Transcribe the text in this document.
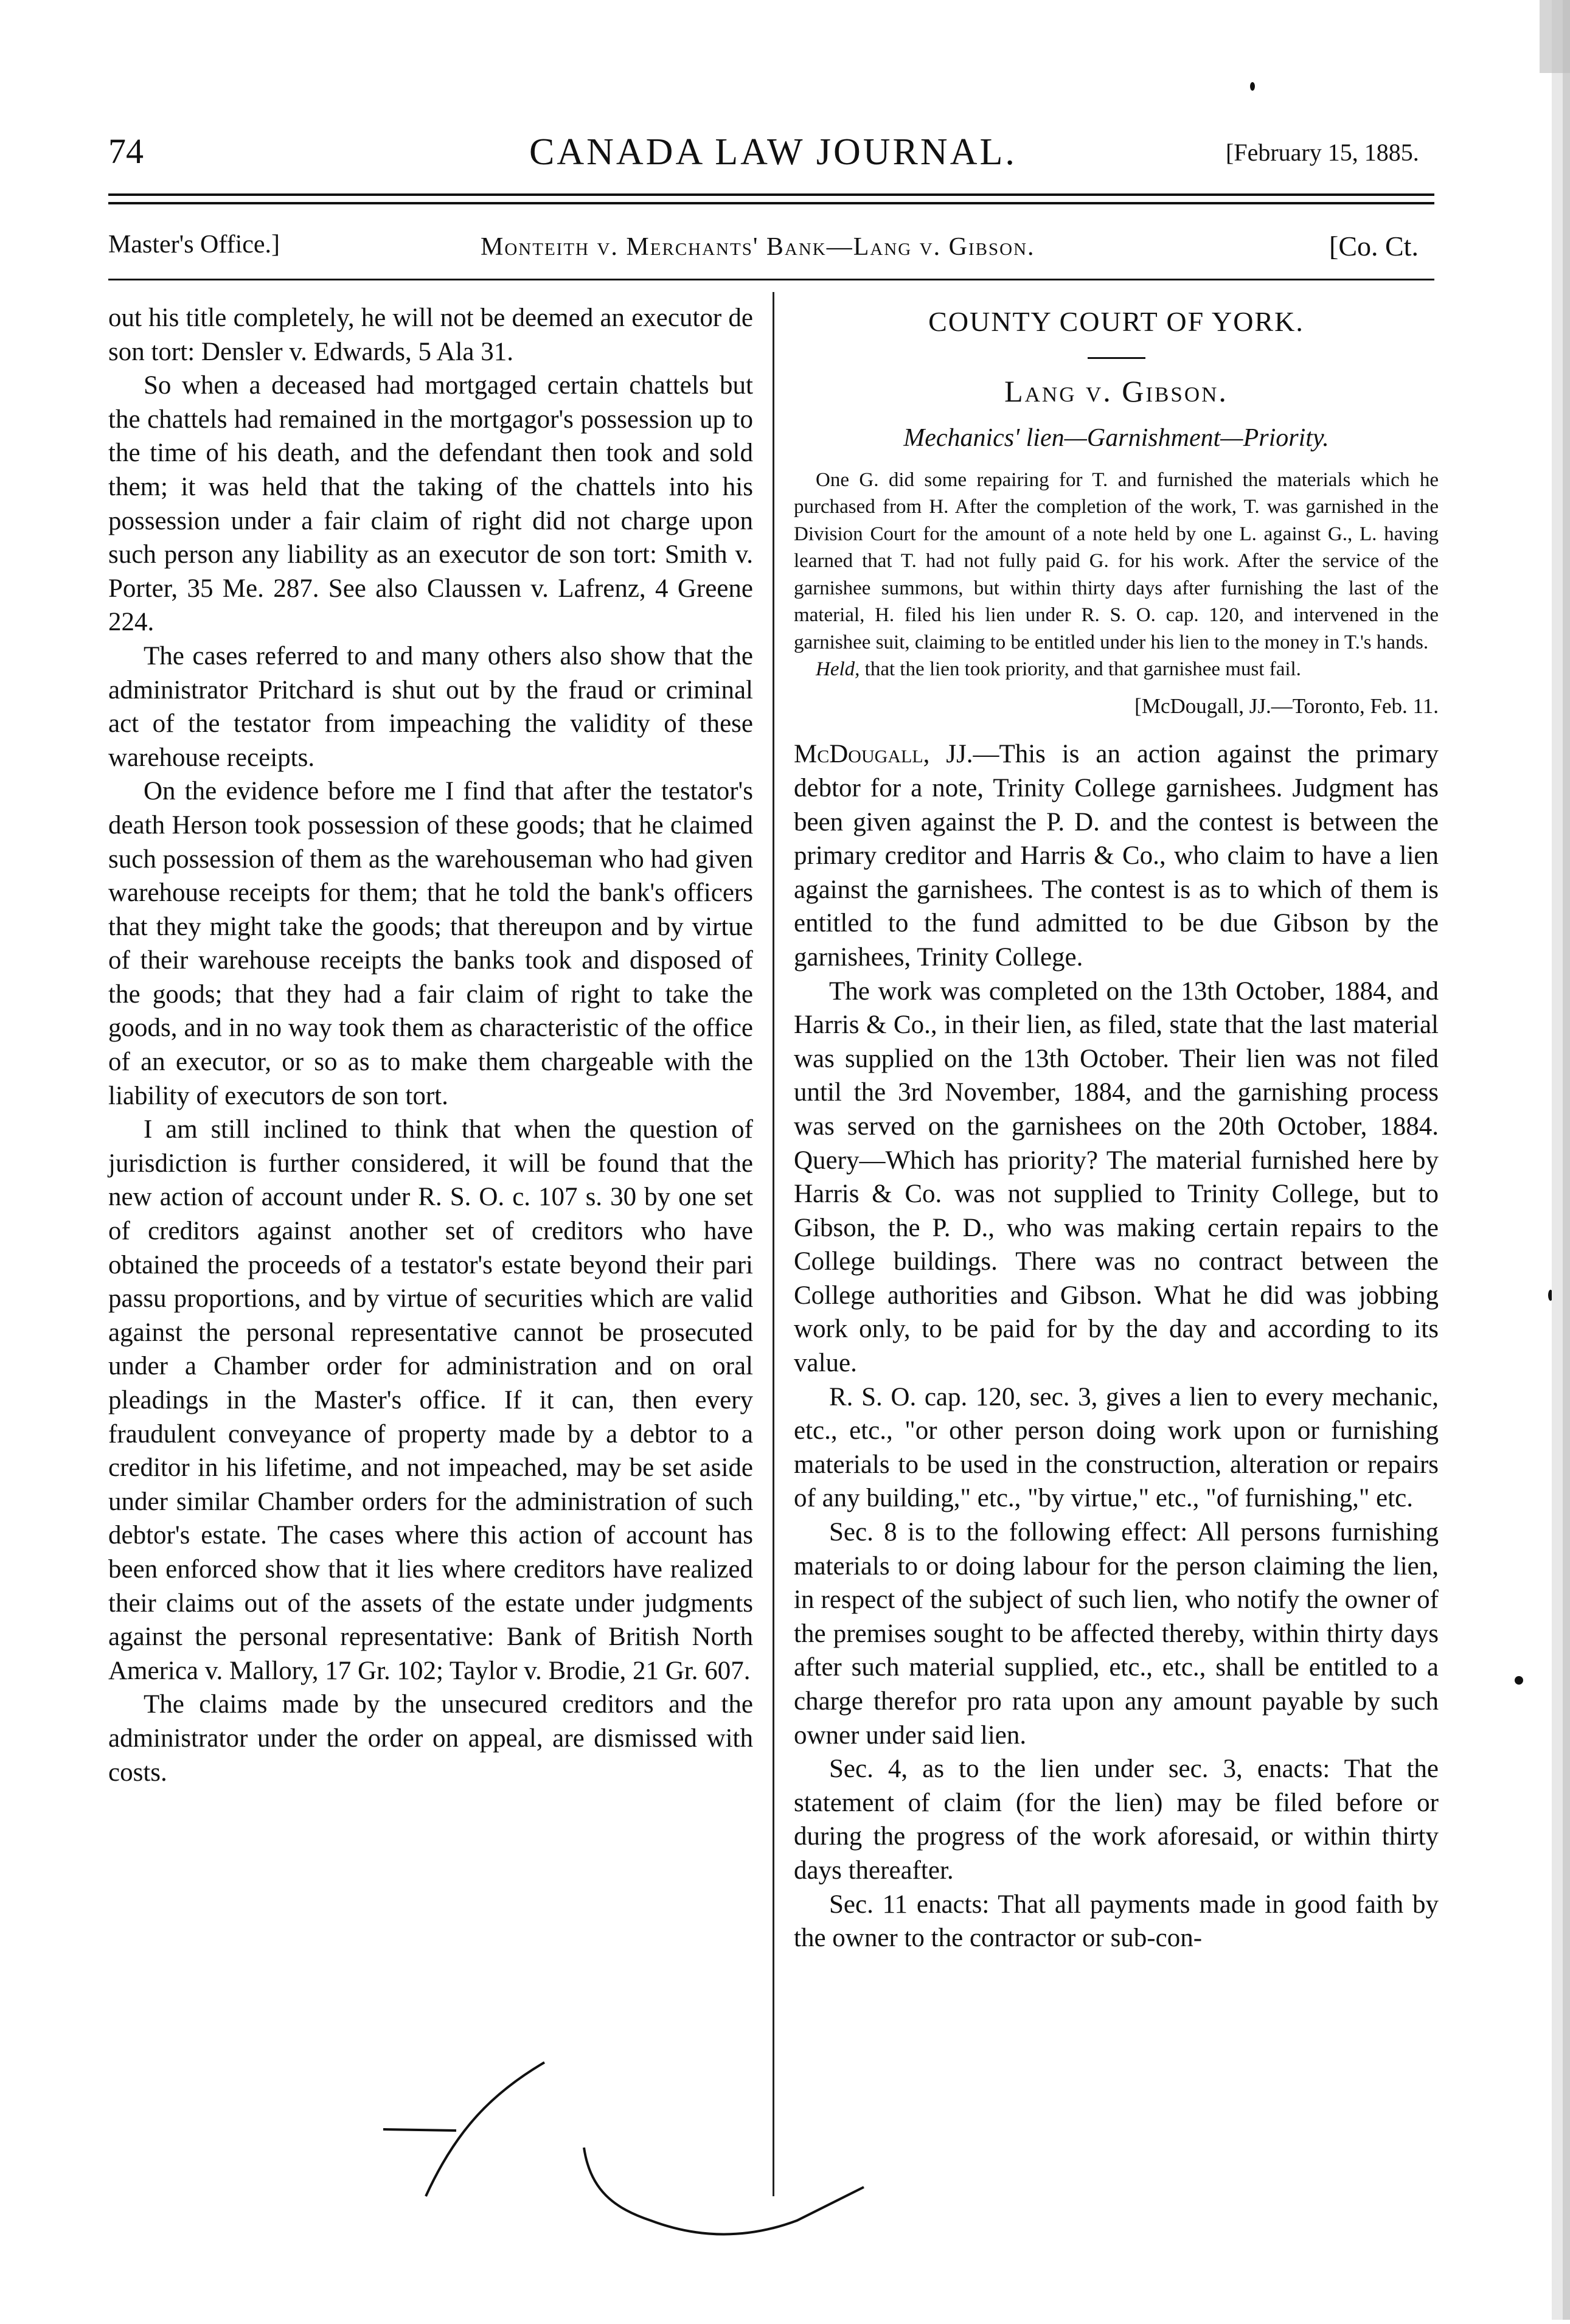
74	CANADA LAW JOURNAL.	[February 15, 1885.
Master's Office.]	Monteith v. Merchants' Bank—Lang v. Gibson.	[Co. Ct.

out his title completely, he will not be deemed an executor de son tort: Densler v. Edwards, 5 Ala 31.

So when a deceased had mortgaged certain chattels but the chattels had remained in the mortgagor's possession up to the time of his death, and the defendant then took and sold them; it was held that the taking of the chattels into his possession under a fair claim of right did not charge upon such person any liability as an executor de son tort: Smith v. Porter, 35 Me. 287. See also Claussen v. Lafrenz, 4 Greene 224.

The cases referred to and many others also show that the administrator Pritchard is shut out by the fraud or criminal act of the testator from impeaching the validity of these warehouse receipts.

On the evidence before me I find that after the testator's death Herson took possession of these goods; that he claimed such possession of them as the warehouseman who had given warehouse receipts for them; that he told the bank's officers that they might take the goods; that thereupon and by virtue of their warehouse receipts the banks took and disposed of the goods; that they had a fair claim of right to take the goods, and in no way took them as characteristic of the office of an executor, or so as to make them chargeable with the liability of executors de son tort.

I am still inclined to think that when the question of jurisdiction is further considered, it will be found that the new action of account under R. S. O. c. 107 s. 30 by one set of creditors against another set of creditors who have obtained the proceeds of a testator's estate beyond their pari passu proportions, and by virtue of securities which are valid against the personal representative cannot be prosecuted under a Chamber order for administration and on oral pleadings in the Master's office. If it can, then every fraudulent conveyance of property made by a debtor to a creditor in his lifetime, and not impeached, may be set aside under similar Chamber orders for the administration of such debtor's estate. The cases where this action of account has been enforced show that it lies where creditors have realized their claims out of the assets of the estate under judgments against the personal representative: Bank of British North America v. Mallory, 17 Gr. 102; Taylor v. Brodie, 21 Gr. 607.

The claims made by the unsecured creditors and the administrator under the order on appeal, are dismissed with costs.

COUNTY COURT OF YORK.
Lang v. Gibson.
Mechanics' lien—Garnishment—Priority.

One G. did some repairing for T. and furnished the materials which he purchased from H. After the completion of the work, T. was garnished in the Division Court for the amount of a note held by one L. against G., L. having learned that T. had not fully paid G. for his work. After the service of the garnishee summons, but within thirty days after furnishing the last of the material, H. filed his lien under R. S. O. cap. 120, and intervened in the garnishee suit, claiming to be entitled under his lien to the money in T.'s hands.

Held, that the lien took priority, and that garnishee must fail.

[McDougall, JJ.—Toronto, Feb. 11.

McDougall, JJ.—This is an action against the primary debtor for a note, Trinity College garnishees. Judgment has been given against the P. D. and the contest is between the primary creditor and Harris & Co., who claim to have a lien against the garnishees. The contest is as to which of them is entitled to the fund admitted to be due Gibson by the garnishees, Trinity College.

The work was completed on the 13th October, 1884, and Harris & Co., in their lien, as filed, state that the last material was supplied on the 13th October. Their lien was not filed until the 3rd November, 1884, and the garnishing process was served on the garnishees on the 20th October, 1884. Query—Which has priority? The material furnished here by Harris & Co. was not supplied to Trinity College, but to Gibson, the P. D., who was making certain repairs to the College buildings. There was no contract between the College authorities and Gibson. What he did was jobbing work only, to be paid for by the day and according to its value.

R. S. O. cap. 120, sec. 3, gives a lien to every mechanic, etc., etc., "or other person doing work upon or furnishing materials to be used in the construction, alteration or repairs of any building," etc., "by virtue," etc., "of furnishing," etc.

Sec. 8 is to the following effect: All persons furnishing materials to or doing labour for the person claiming the lien, in respect of the subject of such lien, who notify the owner of the premises sought to be affected thereby, within thirty days after such material supplied, etc., etc., shall be entitled to a charge therefor pro rata upon any amount payable by such owner under said lien.

Sec. 4, as to the lien under sec. 3, enacts: That the statement of claim (for the lien) may be filed before or during the progress of the work aforesaid, or within thirty days thereafter.

Sec. 11 enacts: That all payments made in good faith by the owner to the contractor or sub-con-
